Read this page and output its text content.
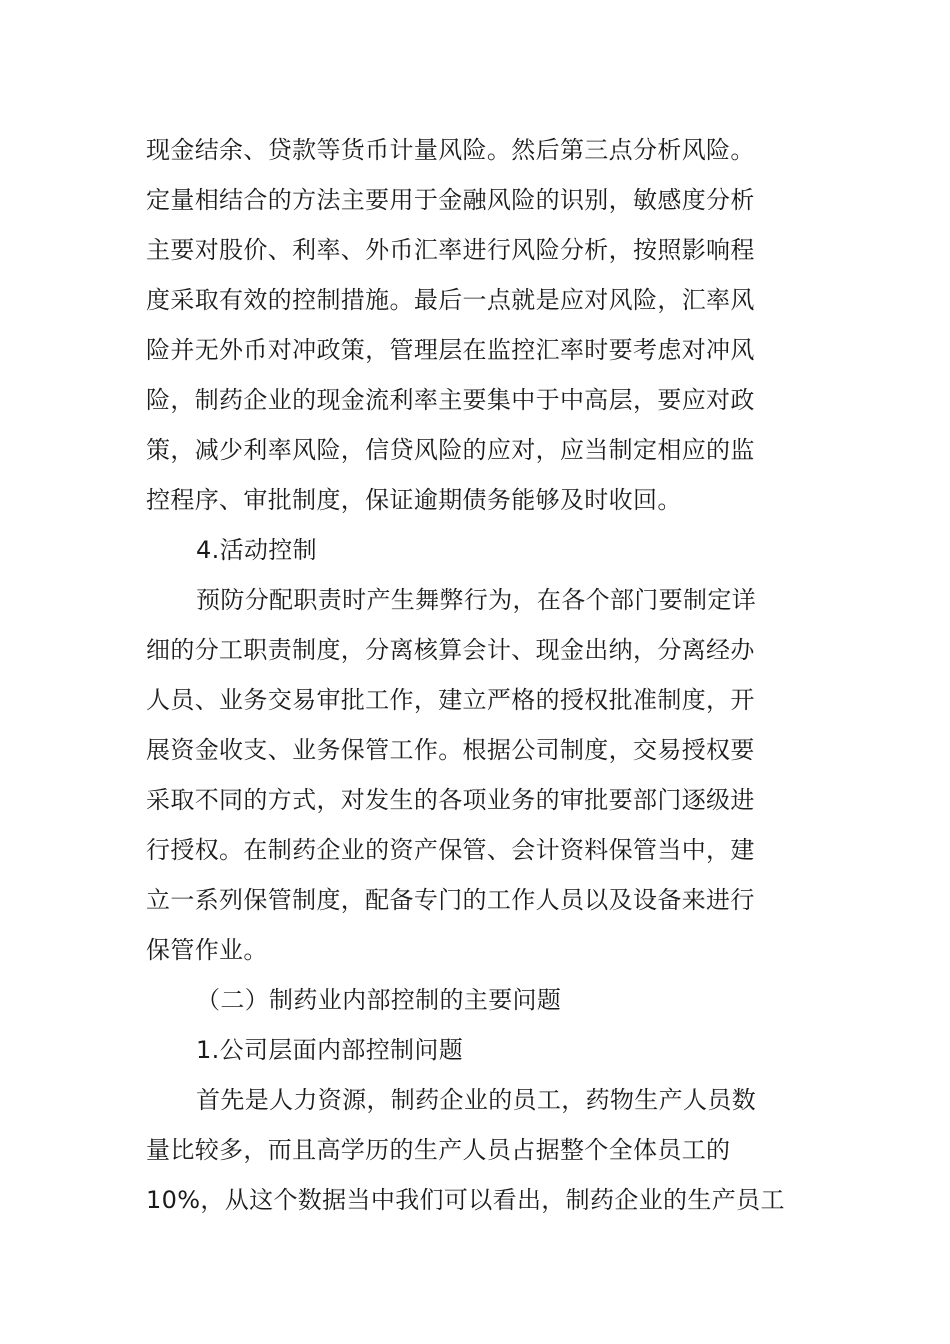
现金结余、贷款等货币计量风险。然后第三点分析风险。
定量相结合的方法主要用于金融风险的识别，敏感度分析
主要对股价、利率、外币汇率进行风险分析，按照影响程
度采取有效的控制措施。最后一点就是应对风险，汇率风
险并无外币对冲政策，管理层在监控汇率时要考虑对冲风
险，制药企业的现金流利率主要集中于中高层，要应对政
策，减少利率风险，信贷风险的应对，应当制定相应的监
控程序、审批制度，保证逾期债务能够及时收回。
4.活动控制
预防分配职责时产生舞弊行为，在各个部门要制定详
细的分工职责制度，分离核算会计、现金出纳，分离经办
人员、业务交易审批工作，建立严格的授权批准制度，开
展资金收支、业务保管工作。根据公司制度，交易授权要
采取不同的方式，对发生的各项业务的审批要部门逐级进
行授权。在制药企业的资产保管、会计资料保管当中，建
立一系列保管制度，配备专门的工作人员以及设备来进行
保管作业。
（二）制药业内部控制的主要问题
1.公司层面内部控制问题
首先是人力资源，制药企业的员工，药物生产人员数
量比较多，而且高学历的生产人员占据整个全体员工的
10%，从这个数据当中我们可以看出，制药企业的生产员工
